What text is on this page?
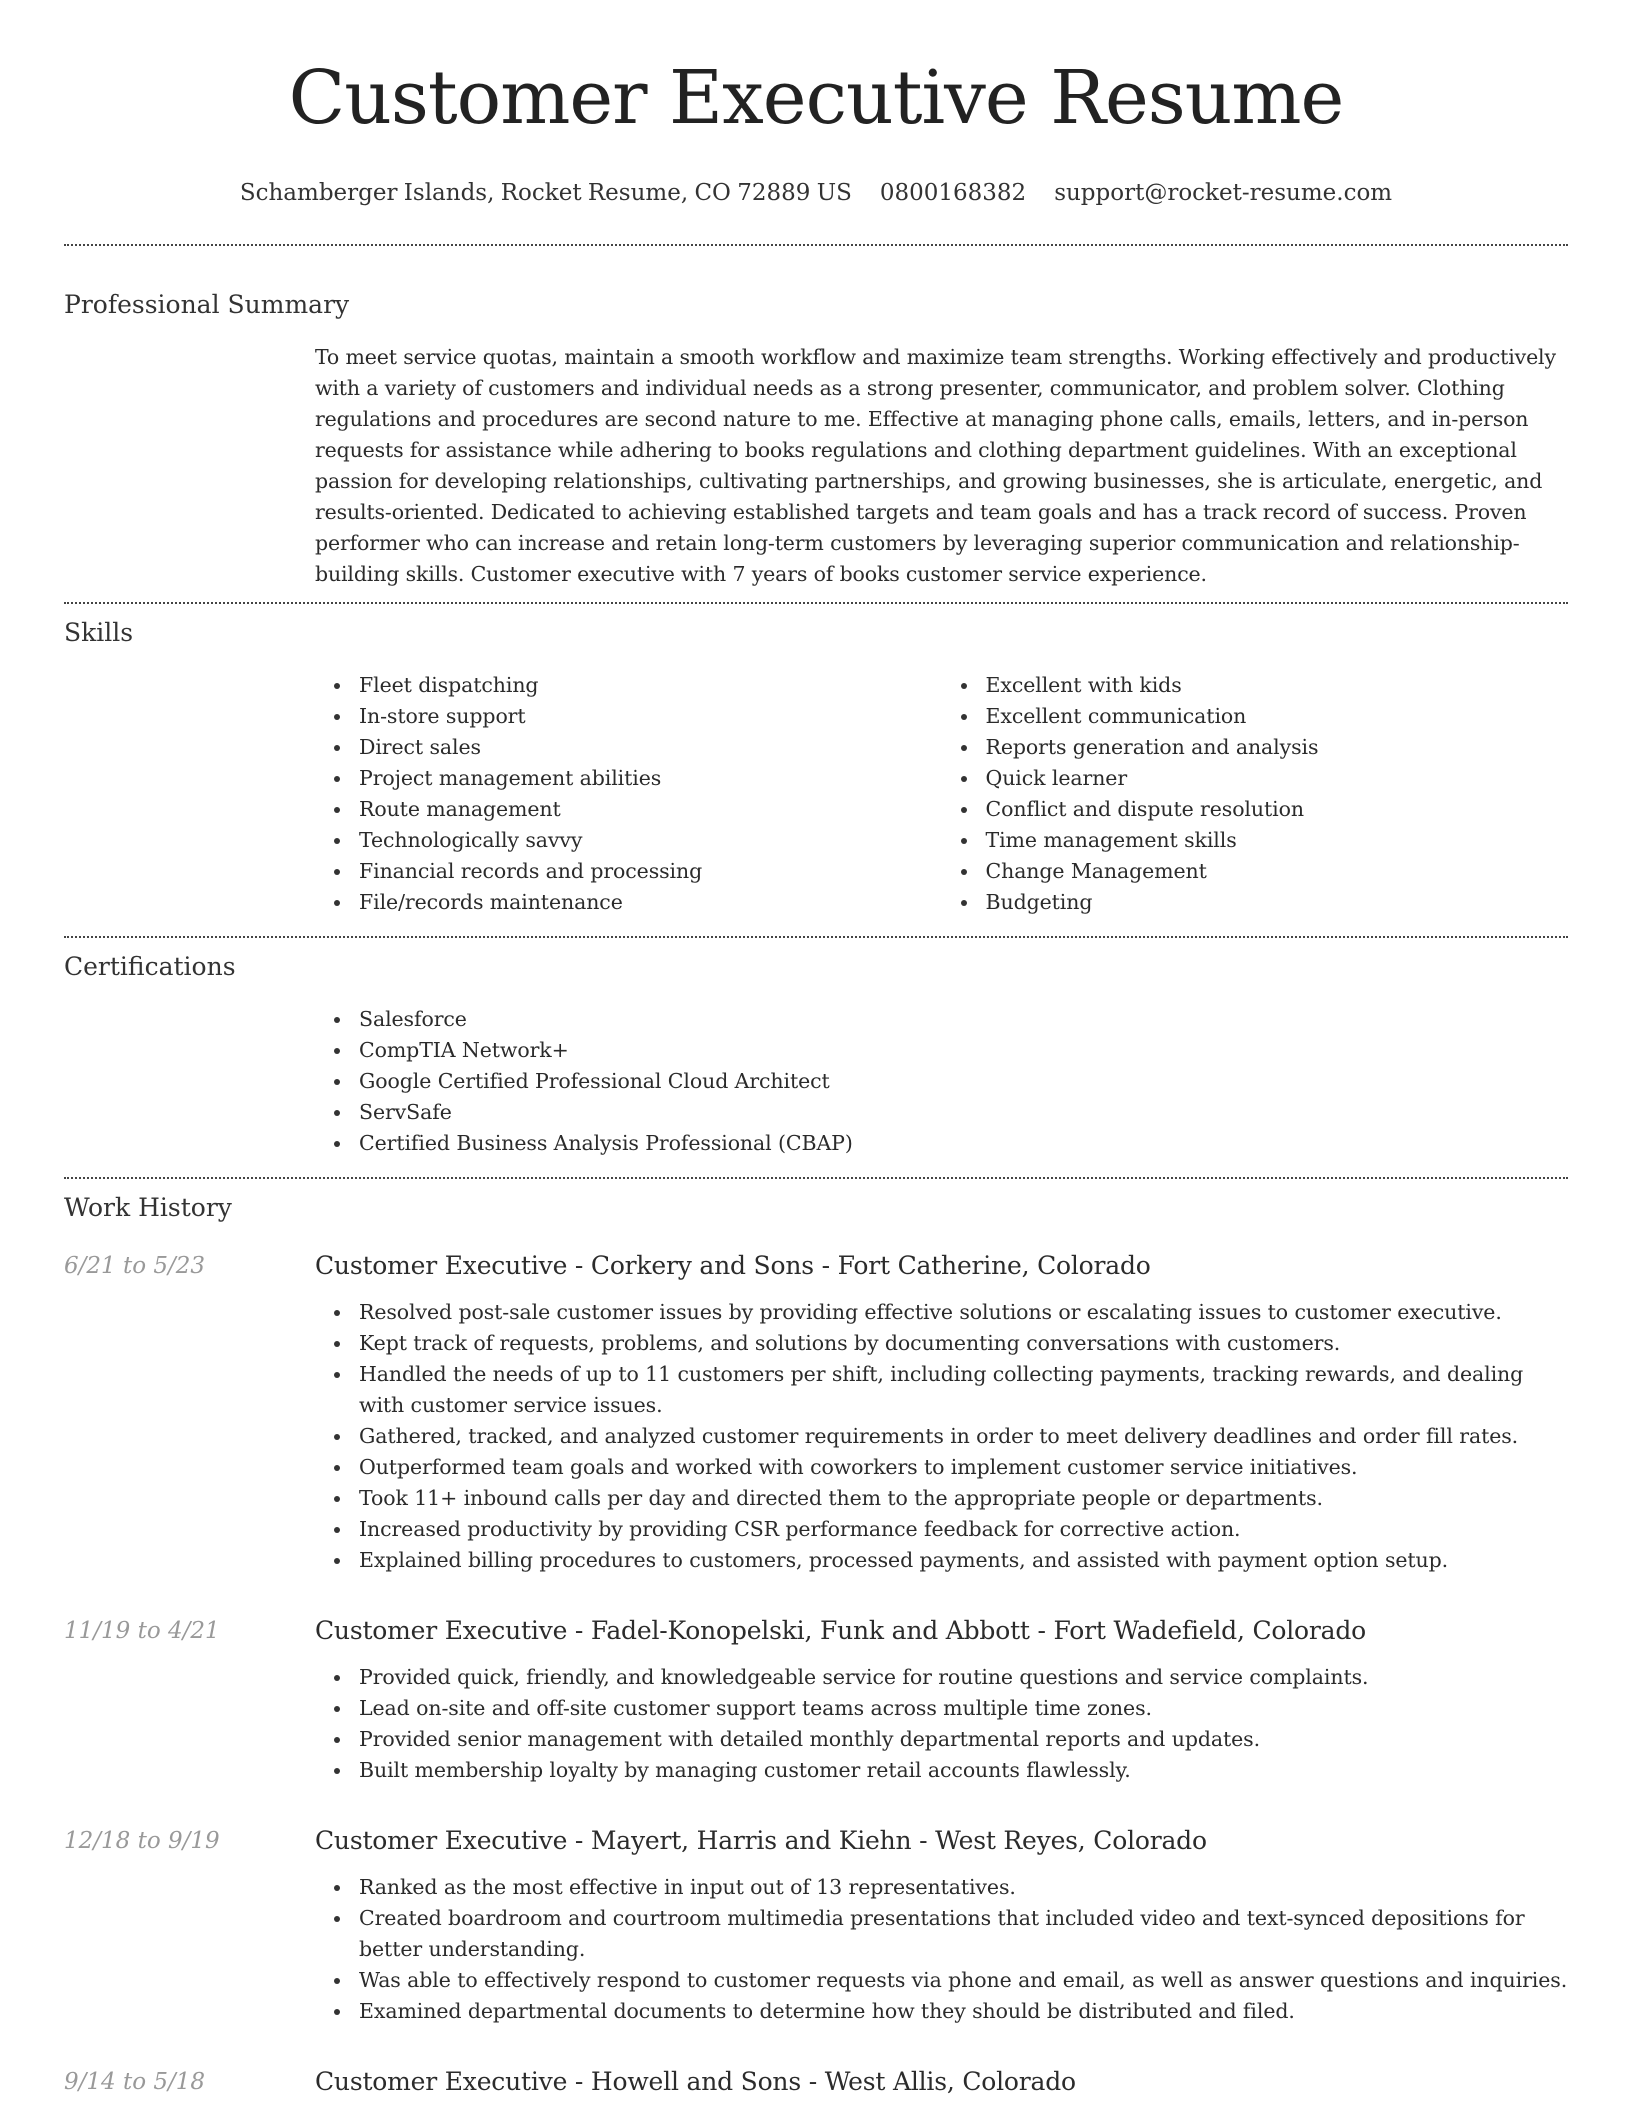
Customer Executive Resume
Schamberger Islands, Rocket Resume, CO 72889 US 0800168382 support@rocket-resume.com
Professional Summary

To meet service quotas, maintain a smooth workflow and maximize team strengths. Working effectively and productively with a variety of customers and individual needs as a strong presenter, communicator, and problem solver. Clothing regulations and procedures are second nature to me. Effective at managing phone calls, emails, letters, and in-person requests for assistance while adhering to books regulations and clothing department guidelines. With an exceptional passion for developing relationships, cultivating partnerships, and growing businesses, she is articulate, energetic, and results-oriented. Dedicated to achieving established targets and team goals and has a track record of success. Proven performer who can increase and retain long-term customers by leveraging superior communication and relationship-building skills. Customer executive with 7 years of books customer service experience.

Skills
Fleet dispatching
In-store support
Direct sales
Project management abilities
Route management
Technologically savvy
Financial records and processing
File/records maintenance
Excellent with kids
Excellent communication
Reports generation and analysis
Quick learner
Conflict and dispute resolution
Time management skills
Change Management
Budgeting
Certifications
Salesforce
CompTIA Network+
Google Certified Professional Cloud Architect
ServSafe
Certified Business Analysis Professional (CBAP)
Work History
6/21 to 5/23	Customer Executive - Corkery and Sons - Fort Catherine, Colorado
Resolved post-sale customer issues by providing effective solutions or escalating issues to customer executive.
Kept track of requests, problems, and solutions by documenting conversations with customers.
Handled the needs of up to 11 customers per shift, including collecting payments, tracking rewards, and dealing with customer service issues.
Gathered, tracked, and analyzed customer requirements in order to meet delivery deadlines and order fill rates.
Outperformed team goals and worked with coworkers to implement customer service initiatives.
Took 11+ inbound calls per day and directed them to the appropriate people or departments.
Increased productivity by providing CSR performance feedback for corrective action.
Explained billing procedures to customers, processed payments, and assisted with payment option setup.
11/19 to 4/21	Customer Executive - Fadel-Konopelski, Funk and Abbott - Fort Wadefield, Colorado
Provided quick, friendly, and knowledgeable service for routine questions and service complaints.
Lead on-site and off-site customer support teams across multiple time zones.
Provided senior management with detailed monthly departmental reports and updates.
Built membership loyalty by managing customer retail accounts flawlessly.
12/18 to 9/19	Customer Executive - Mayert, Harris and Kiehn - West Reyes, Colorado
Ranked as the most effective in input out of 13 representatives.
Created boardroom and courtroom multimedia presentations that included video and text-synced depositions for better understanding.
Was able to effectively respond to customer requests via phone and email, as well as answer questions and inquiries.
Examined departmental documents to determine how they should be distributed and filed.
9/14 to 5/18	Customer Executive - Howell and Sons - West Allis, Colorado
